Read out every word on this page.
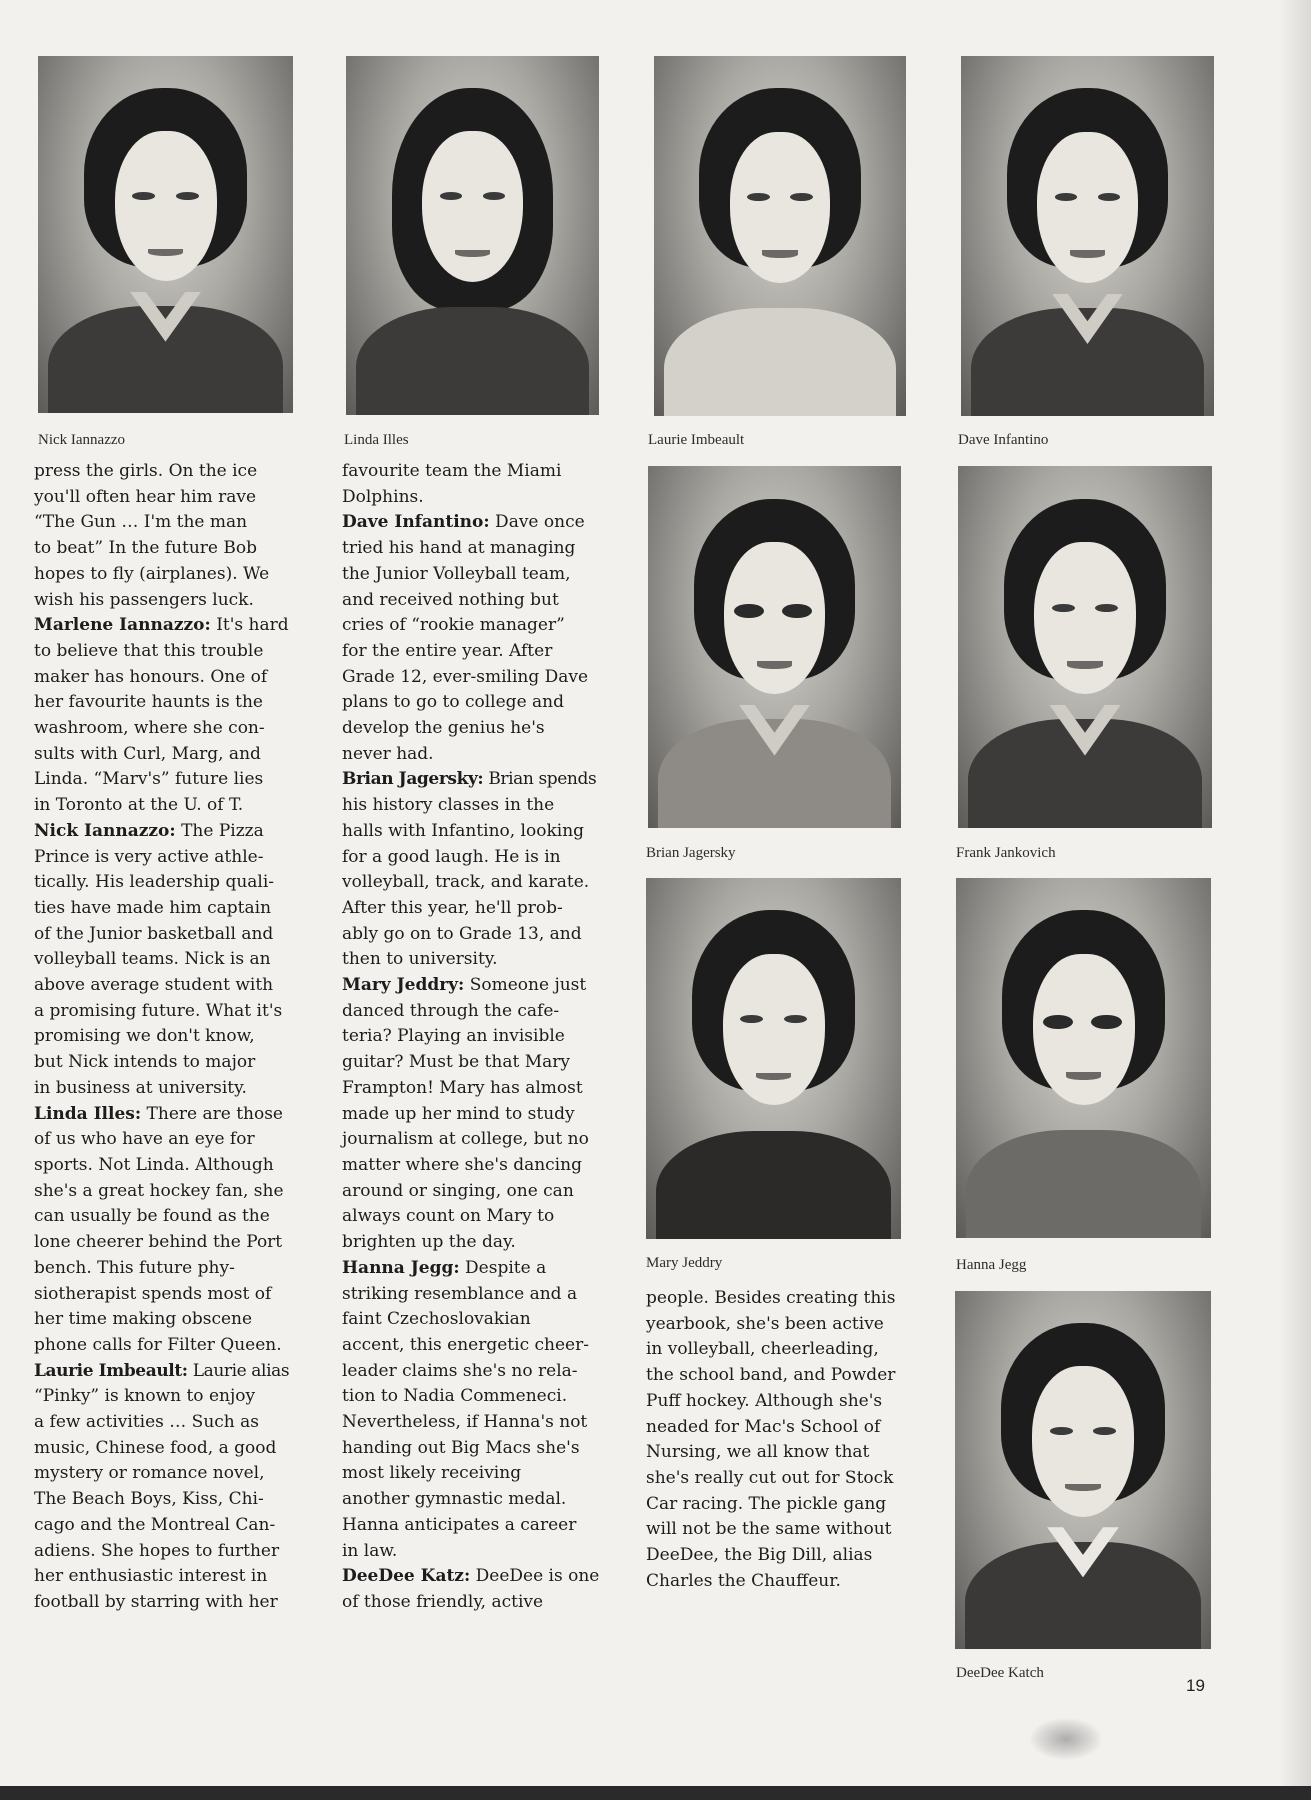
Nick Iannazzo	Linda Illes	Laurie Imbeault	Dave Infantino
Brian Jagersky	Frank Jankovich
Mary Jeddry	Hanna Jegg
DeeDee Katch
press the girls. On the ice
you'll often hear him rave
“The Gun … I'm the man
to beat” In the future Bob
hopes to fly (airplanes). We
wish his passengers luck.
Marlene Iannazzo: It's hard
to believe that this trouble
maker has honours. One of
her favourite haunts is the
washroom, where she con-
sults with Curl, Marg, and
Linda. “Marv's” future lies
in Toronto at the U. of T.
Nick Iannazzo: The Pizza
Prince is very active athle-
tically. His leadership quali-
ties have made him captain
of the Junior basketball and
volleyball teams. Nick is an
above average student with
a promising future. What it's
promising we don't know,
but Nick intends to major
in business at university.
Linda Illes: There are those
of us who have an eye for
sports. Not Linda. Although
she's a great hockey fan, she
can usually be found as the
lone cheerer behind the Port
bench. This future phy-
siotherapist spends most of
her time making obscene
phone calls for Filter Queen.
Laurie Imbeault: Laurie alias
“Pinky” is known to enjoy
a few activities … Such as
music, Chinese food, a good
mystery or romance novel,
The Beach Boys, Kiss, Chi-
cago and the Montreal Can-
adiens. She hopes to further
her enthusiastic interest in
football by starring with her
favourite team the Miami
Dolphins.
Dave Infantino: Dave once
tried his hand at managing
the Junior Volleyball team,
and received nothing but
cries of “rookie manager”
for the entire year. After
Grade 12, ever-smiling Dave
plans to go to college and
develop the genius he's
never had.
Brian Jagersky: Brian spends
his history classes in the
halls with Infantino, looking
for a good laugh. He is in
volleyball, track, and karate.
After this year, he'll prob-
ably go on to Grade 13, and
then to university.
Mary Jeddry: Someone just
danced through the cafe-
teria? Playing an invisible
guitar? Must be that Mary
Frampton! Mary has almost
made up her mind to study
journalism at college, but no
matter where she's dancing
around or singing, one can
always count on Mary to
brighten up the day.
Hanna Jegg: Despite a
striking resemblance and a
faint Czechoslovakian
accent, this energetic cheer-
leader claims she's no rela-
tion to Nadia Commeneci.
Nevertheless, if Hanna's not
handing out Big Macs she's
most likely receiving
another gymnastic medal.
Hanna anticipates a career
in law.
DeeDee Katz: DeeDee is one
of those friendly, active
people. Besides creating this
yearbook, she's been active
in volleyball, cheerleading,
the school band, and Powder
Puff hockey. Although she's
neaded for Mac's School of
Nursing, we all know that
she's really cut out for Stock
Car racing. The pickle gang
will not be the same without
DeeDee, the Big Dill, alias
Charles the Chauffeur.
19
